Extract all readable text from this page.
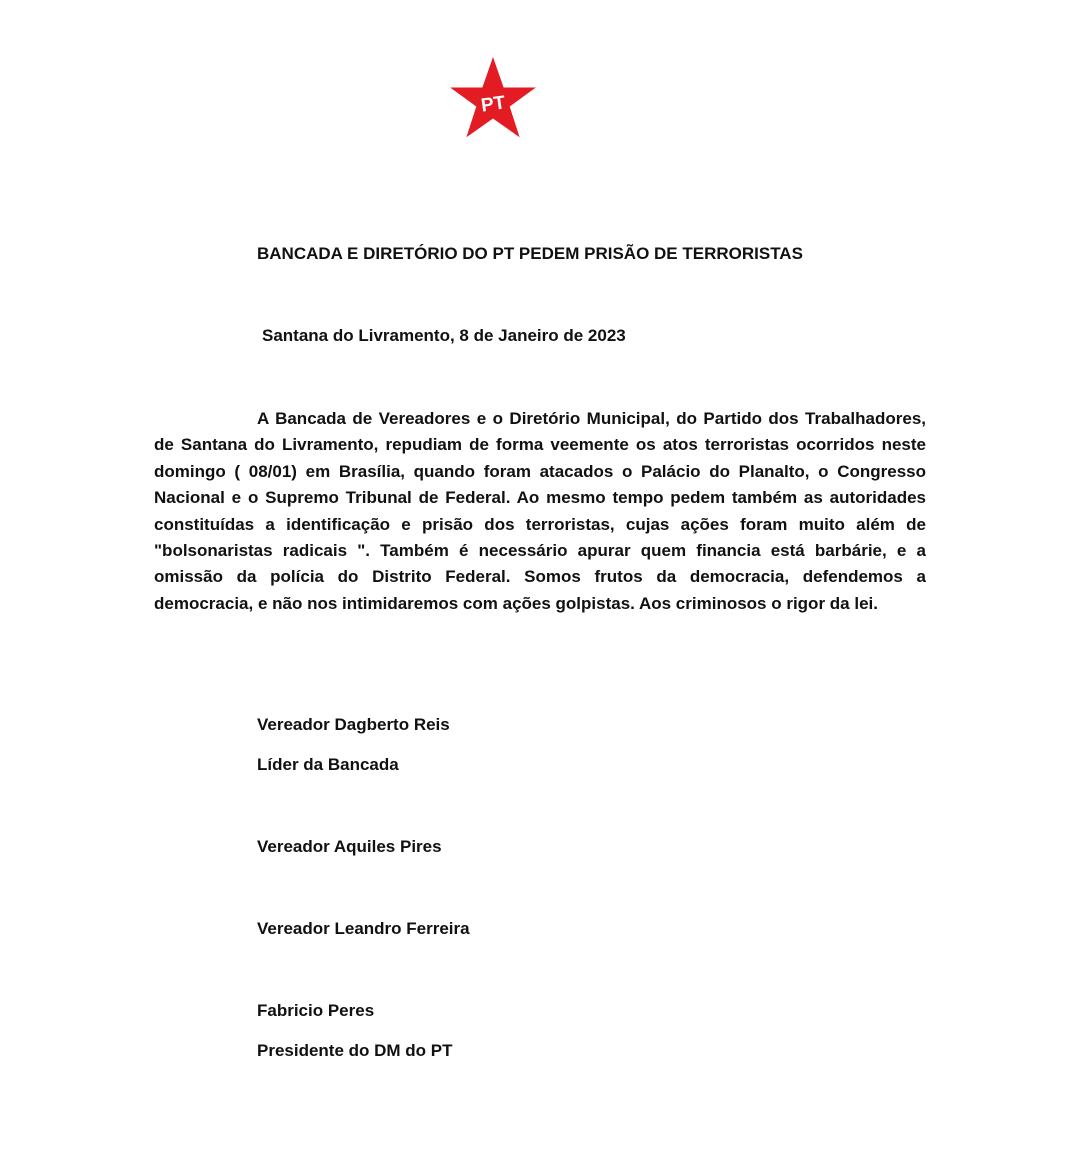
PT
BANCADA E DIRETÓRIO DO PT PEDEM PRISÃO DE TERRORISTAS
Santana do Livramento, 8 de Janeiro de 2023

A Bancada de Vereadores e o Diretório Municipal, do Partido dos Trabalhadores, de Santana do Livramento, repudiam de forma veemente os atos terroristas ocorridos neste domingo ( 08/01) em Brasília, quando foram atacados o Palácio do Planalto, o Congresso Nacional e o Supremo Tribunal de Federal. Ao mesmo tempo pedem também as autoridades constituídas a identificação e prisão dos terroristas, cujas ações foram muito além de "bolsonaristas radicais ". Também é necessário apurar quem financia está barbárie, e a omissão da polícia do Distrito Federal. Somos frutos da democracia, defendemos a democracia, e não nos intimidaremos com ações golpistas. Aos criminosos o rigor da lei.

Vereador Dagberto Reis
Líder da Bancada
Vereador Aquiles Pires
Vereador Leandro Ferreira
Fabricio Peres
Presidente do DM do PT
